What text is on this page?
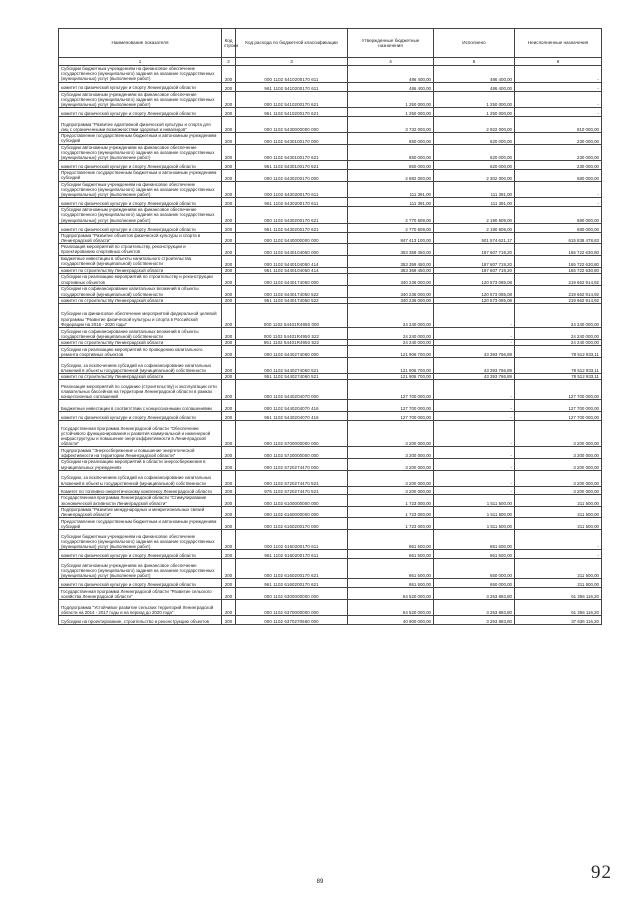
Наименование показателя	Код строки	Код расхода по бюджетной классификации	Утвержденные бюджетные назначения	Исполнено	Неисполненные назначения
1	2	3	4	5	6
Субсидии бюджетным учреждениям на финансовое обеспечение государственного (муниципального) задания на оказание государственных (муниципальных) услуг (выполнение работ)	200	000 1102 5410200170 611	486 400,00	486 400,00	-
комитет по физической культуре и спорту Ленинградской области	200	961 1102 5410200170 611	486 400,00	486 400,00	-
Субсидии автономным учреждениям на финансовое обеспечение государственного (муниципального) задания на оказание государственных (муниципальных) услуг (выполнение работ)	200	000 1102 5410200170 621	1 250 000,00	1 250 000,00	-
комитет по физической культуре и спорту Ленинградской области	200	961 1102 5410200170 621	1 250 000,00	1 250 000,00	-
Подпрограмма "Развитие адаптивной физической культуры и спорта для лиц с ограниченными возможностями здоровья и инвалидов"	200	000 1102 5430000000 000	3 732 000,00	2 922 000,00	810 000,00
Предоставление государственным бюджетным и автономным учреждениям субсидий	200	000 1102 5430100170 000	850 000,00	620 000,00	230 000,00
Субсидии автономным учреждениям на финансовое обеспечение государственного (муниципального) задания на оказание государственных (муниципальных) услуг (выполнение работ)	200	000 1102 5430100170 621	850 000,00	620 000,00	230 000,00
комитет по физической культуре и спорту Ленинградской области	200	961 1102 5430100170 621	850 000,00	620 000,00	230 000,00
Предоставление государственным бюджетным и автономным учреждениям субсидий	200	000 1102 5430200170 000	2 882 000,00	2 302 000,00	580 000,00
Субсидии бюджетным учреждениям на финансовое обеспечение государственного (муниципального) задания на оказание государственных (муниципальных) услуг (выполнение работ)	200	000 1102 5430200170 611	111 391,00	111 391,00	-
комитет по физической культуре и спорту Ленинградской области	200	961 1102 5430200170 611	111 391,00	111 391,00	-
Субсидии автономным учреждениям на финансовое обеспечение государственного (муниципального) задания на оказание государственных (муниципальных) услуг (выполнение работ)	200	000 1102 5430200170 621	2 770 609,00	2 190 609,00	580 000,00
комитет по физической культуре и спорту Ленинградской области	200	961 1102 5430200170 621	2 770 609,00	2 190 609,00	580 000,00
Подпрограмма "Развитие объектов физической культуры и спорта в Ленинградской области"	200	000 1102 5440000000 000	847 413 100,00	501 574 621,17	615 838 478,83
Реализация мероприятий по строительству, реконструкции и проектированию спортивных объектов	200	000 1102 5440104050 000	353 359 450,00	187 607 719,20	165 722 630,80
Бюджетные инвестиции в объекты капитального строительства государственной (муниципальной) собственности	200	000 1102 5440104050 414	353 359 450,00	187 607 719,20	165 722 630,80
комитет по строительству Ленинградской области	200	951 1102 5440104050 414	353 359 450,00	187 607 719,20	165 722 630,80
Субсидии на реализацию мероприятий по строительству и реконструкции спортивных объектов	200	000 1102 5440174050 000	340 236 000,00	120 573 085,08	219 662 914,92
Субсидии на софинансирование капитальных вложений в объекты государственной (муниципальной) собственности	200	000 1102 5440174050 522	340 236 000,00	120 573 085,08	219 662 914,92
комитет по строительству Ленинградской области	200	951 1102 5440174050 522	340 236 000,00	120 573 085,08	219 662 914,92
Субсидии на финансовое обеспечение мероприятий федеральной целевой программы "Развитие физической культуры и спорта в Российской Федерации на 2016 - 2020 годы"	200	000 1102 54401R4950 000	24 240 000,00	-	24 240 000,00
Субсидии на софинансирование капитальных вложений в объекты государственной (муниципальной) собственности	200	000 1102 54401R4950 522	24 240 000,00	-	24 240 000,00
комитет по строительству Ленинградской области	200	951 1102 54401R4950 522	24 240 000,00	-	24 240 000,00
Субсидии на реализацию мероприятий по проведению капитального ремонта спортивных объектов	200	000 1102 5440274060 000	121 906 700,00	43 393 766,89	78 512 933,11
Субсидии, за исключением субсидий на софинансирование капитальных вложений в объекты государственной (муниципальной) собственности	200	000 1102 5440274060 521	121 906 700,00	43 393 766,89	78 512 933,11
комитет по строительству Ленинградской области	200	951 1102 5440274060 521	121 906 700,00	43 393 766,89	78 512 933,11
Реализация мероприятий по созданию (строительству) и эксплуатации сети плавательных бассейнов на территории Ленинградской области в рамках концессионных соглашений	200	000 1102 5440204070 000	127 700 000,00	-	127 700 000,00
Бюджетные инвестиции в соответствии с концессионными соглашениями	200	000 1102 5440204070 416	127 700 000,00	-	127 700 000,00
комитет по физической культуре и спорту Ленинградской области	200	961 1102 5440204070 416	127 700 000,00	-	127 700 000,00
Государственная программа Ленинградской области "Обеспечение устойчивого функционирования и развития коммунальной и инженерной инфраструктуры и повышение энергоэффективности в Ленинградской области"	200	000 1102 5700000000 000	3 200 000,00	-	3 200 000,00
Подпрограмма "Энергосбережение и повышение энергетической эффективности на территории Ленинградской области"	200	000 1102 5720000000 000	3 200 000,00	-	3 200 000,00
Субсидии на реализацию мероприятий в области энергосбережения в муниципальных учреждениях	200	000 1102 5720274470 000	3 200 000,00	-	3 200 000,00
Субсидии, за исключением субсидий на софинансирование капитальных вложений в объекты государственной (муниципальной) собственности	200	000 1102 5720274470 521	3 200 000,00	-	3 200 000,00
Комитет по топливно-энергетическому комплексу Ленинградской области	200	976 1102 5720274470 521	3 200 000,00	-	3 200 000,00
Государственная программа Ленинградской области "Стимулирование экономической активности Ленинградской области"	200	000 1102 6100000000 000	1 723 000,00	1 511 500,00	211 500,00
Подпрограмма "Развитие международных и межрегиональных связей Ленинградской области"	200	000 1102 6160000000 000	1 723 000,00	1 511 500,00	211 500,00
Предоставление государственным бюджетным и автономным учреждениям субсидий	200	000 1102 6160200170 000	1 723 000,00	1 511 500,00	211 500,00
Субсидии бюджетным учреждениям на финансовое обеспечение государственного (муниципального) задания на оказание государственных (муниципальных) услуг (выполнение работ)	200	000 1102 6160200170 611	861 500,00	861 500,00	-
комитет по физической культуре и спорту Ленинградской области	200	961 1102 6160200170 611	861 500,00	861 500,00	-
Субсидии автономным учреждениям на финансовое обеспечение государственного (муниципального) задания на оказание государственных (муниципальных) услуг (выполнение работ)	200	000 1102 6160200170 621	861 500,00	650 000,00	211 500,00
комитет по физической культуре и спорту Ленинградской области	200	961 1102 6160200170 621	861 500,00	650 000,00	211 500,00
Государственная программа Ленинградской области "Развитие сельского хозяйства Ленинградской области"	200	000 1102 6300000000 000	64 520 000,00	3 263 883,80	61 256 116,20
Подпрограмма "Устойчивое развитие сельских территорий Ленинградской области на 2014 - 2017 годы и на период до 2020 года"	200	000 1102 6370000000 000	64 520 000,00	3 263 883,80	61 256 116,20
Субсидии на проектирование, строительство и реконструкцию объектов	200	000 1102 6370270660 000	40 900 000,00	3 263 883,80	37 636 116,20
92
89
